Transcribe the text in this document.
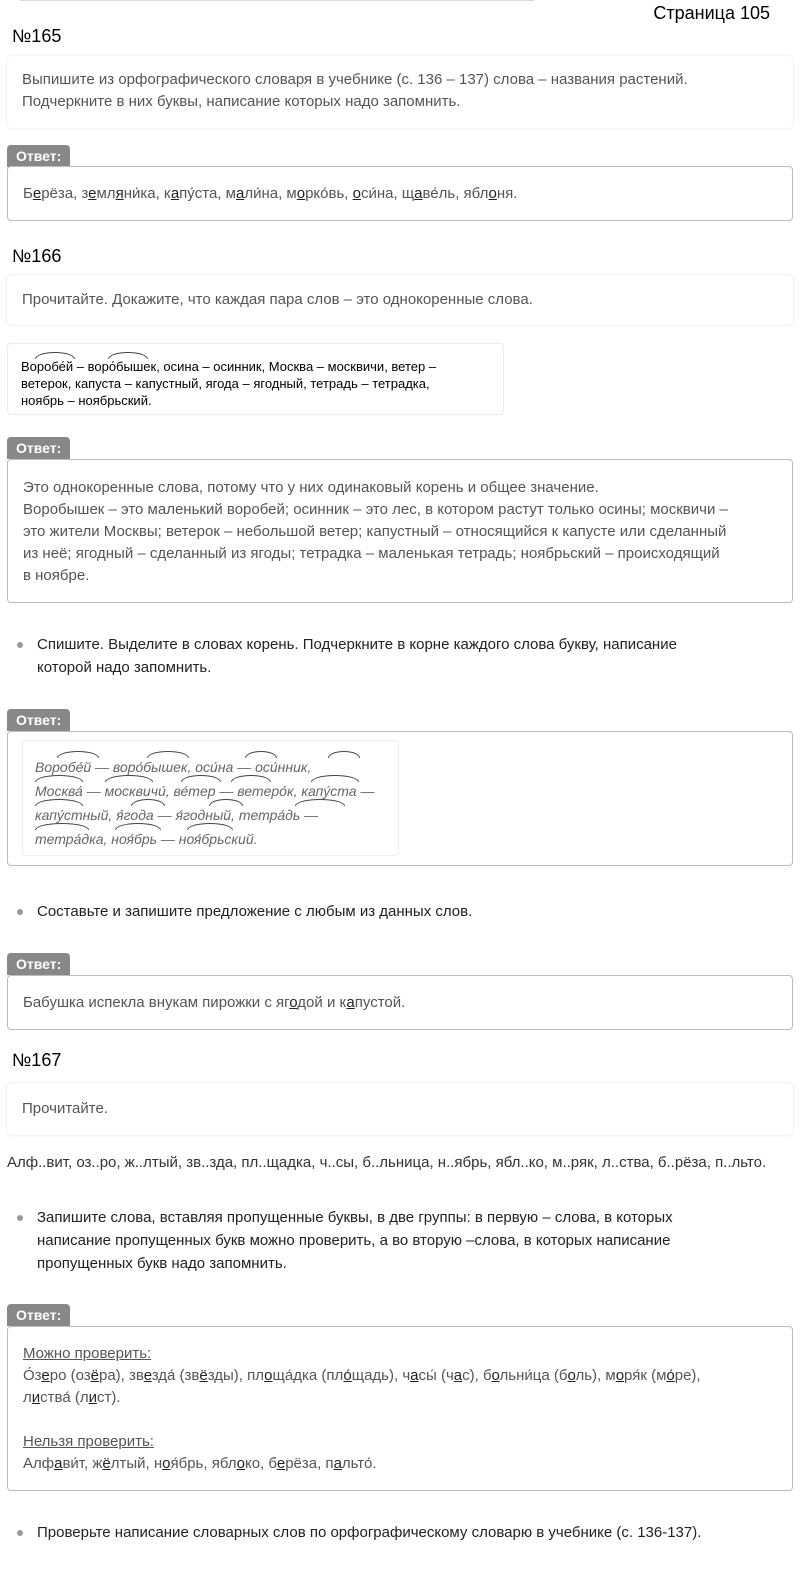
Страница 105
№165
Выпишите из орфографического словаря в учебнике (с. 136 – 137) слова – названия растений.
Подчеркните в них буквы, написание которых надо запомнить.
Ответ:
Берёза, земляни́ка, капу́ста, мали́на, морко́вь, оси́на, щаве́ль, яблоня.
№166
Прочитайте. Докажите, что каждая пара слов – это однокоренные слова.
Воробе́й – воро́бышек, осина – осинник, Москва – москвичи, ветер –
ветерок, капуста – капустный, ягода – ягодный, тетрадь – тетрадка,
ноябрь – ноябрьский.
Ответ:
Это однокоренные слова, потому что у них одинаковый корень и общее значение.
Воробышек – это маленький воробей; осинник – это лес, в котором растут только осины; москвичи –
это жители Москвы; ветерок – небольшой ветер; капустный – относящийся к капусте или сделанный
из неё; ягодный – сделанный из ягоды; тетрадка – маленькая тетрадь; ноябрьский – происходящий
в ноябре.
Спишите. Выделите в словах корень. Подчеркните в корне каждого слова букву, написание
которой надо запомнить.
Ответ:
Воробе́й — воро́бышек, оси́на — оси́нник,
Москва́ — москвичи́, ве́тер — ветеро́к, капу́ста —
капу́стный, я́года — я́годный, тетра́дь —
тетра́дка, ноя́брь — ноя́брьский.
Составьте и запишите предложение с любым из данных слов.
Ответ:
Бабушка испекла внукам пирожки с ягодой и капустой.
№167
Прочитайте.
Алф..вит, оз..ро, ж..лтый, зв..зда, пл..щадка, ч..сы, б..льница, н..ябрь, ябл..ко, м..ряк, л..ства, б..рёза, п..льто.
Запишите слова, вставляя пропущенные буквы, в две группы: в первую – слова, в которых
написание пропущенных букв можно проверить, а во вторую –слова, в которых написание
пропущенных букв надо запомнить.
Ответ:
Можно проверить:
О́зеро (озёра), звезда́ (звёзды), площа́дка (пло́щадь), часы́ (час), больни́ца (боль), моря́к (мо́ре),
листва́ (лист).
Нельзя проверить:
Алфави́т, жёлтый, ноя́брь, яблоко, берёза, пальто́.
Проверьте написание словарных слов по орфографическому словарю в учебнике (с. 136-137).
